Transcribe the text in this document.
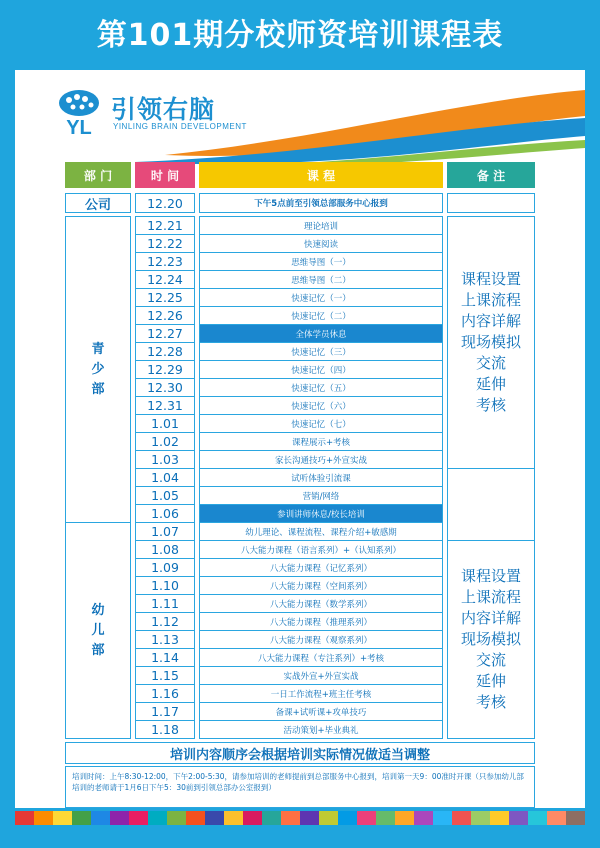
第101期分校师资培训课程表
YL
引领右脑
YINLING BRAIN DEVELOPMENT
部 门	时 间	课 程	备 注
公司	12.20	下午5点前至引领总部服务中心报到
12.21	理论培训
12.22	快速阅读
12.23	思维导图（一）
12.24	思维导图（二）
12.25	快速记忆（一）
12.26	快速记忆（二）
12.27	全体学员休息
12.28	快速记忆（三）
12.29	快速记忆（四）
12.30	快速记忆（五）
12.31	快速记忆（六）
1.01	快速记忆（七）
1.02	课程展示+考核
1.03	家长沟通技巧+外宣实战
1.04	试听体验引流课
1.05	营销/网络
1.06	参训讲师休息/校长培训
1.07	幼儿理论、课程流程、课程介绍+敏感期
1.08	八大能力课程（语言系列）+（认知系列）
1.09	八大能力课程（记忆系列）
1.10	八大能力课程（空间系列）
1.11	八大能力课程（数学系列）
1.12	八大能力课程（推理系列）
1.13	八大能力课程（观察系列）
1.14	八大能力课程（专注系列）+考核
1.15	实战外宣+外宣实战
1.16	一日工作流程+班主任考核
1.17	备课+试听课+攻单技巧
1.18	活动策划+毕业典礼
青
少
部
幼
儿
部
课程设置
上课流程
内容详解
现场模拟
交流
延伸
考核
课程设置
上课流程
内容详解
现场模拟
交流
延伸
考核
培训内容顺序会根据培训实际情况做适当调整
培训时间：上午8:30-12:00，下午2:00-5:30，请参加培训的老师提前到总部服务中心报到，培训第一天9：00准时开课（只参加幼儿部培训的老师请于1月6日下午5：30前到引领总部办公室报到）
